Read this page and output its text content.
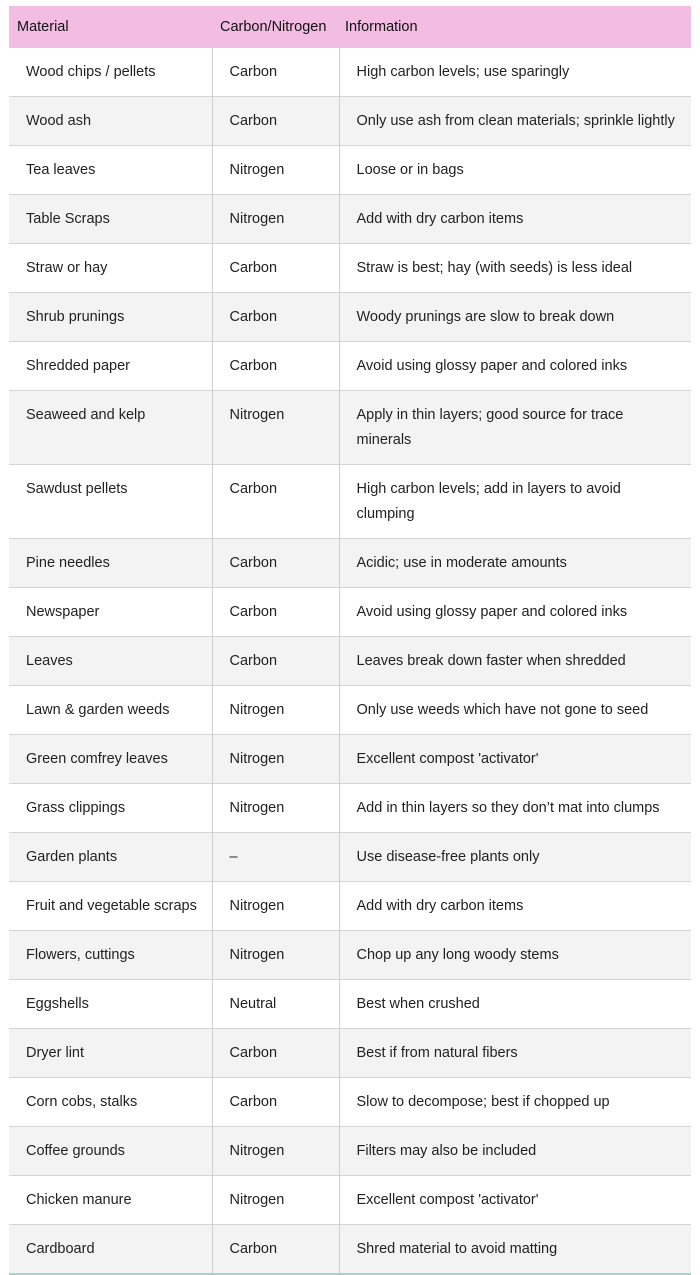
Material	Carbon/Nitrogen	Information
Wood chips / pellets	Carbon	High carbon levels; use sparingly
Wood ash	Carbon	Only use ash from clean materials; sprinkle lightly
Tea leaves	Nitrogen	Loose or in bags
Table Scraps	Nitrogen	Add with dry carbon items
Straw or hay	Carbon	Straw is best; hay (with seeds) is less ideal
Shrub prunings	Carbon	Woody prunings are slow to break down
Shredded paper	Carbon	Avoid using glossy paper and colored inks
Seaweed and kelp	Nitrogen	Apply in thin layers; good source for trace minerals
Sawdust pellets	Carbon	High carbon levels; add in layers to avoid clumping
Pine needles	Carbon	Acidic; use in moderate amounts
Newspaper	Carbon	Avoid using glossy paper and colored inks
Leaves	Carbon	Leaves break down faster when shredded
Lawn & garden weeds	Nitrogen	Only use weeds which have not gone to seed
Green comfrey leaves	Nitrogen	Excellent compost 'activator'
Grass clippings	Nitrogen	Add in thin layers so they don’t mat into clumps
Garden plants	–	Use disease-free plants only
Fruit and vegetable scraps	Nitrogen	Add with dry carbon items
Flowers, cuttings	Nitrogen	Chop up any long woody stems
Eggshells	Neutral	Best when crushed
Dryer lint	Carbon	Best if from natural fibers
Corn cobs, stalks	Carbon	Slow to decompose; best if chopped up
Coffee grounds	Nitrogen	Filters may also be included
Chicken manure	Nitrogen	Excellent compost 'activator'
Cardboard	Carbon	Shred material to avoid matting
